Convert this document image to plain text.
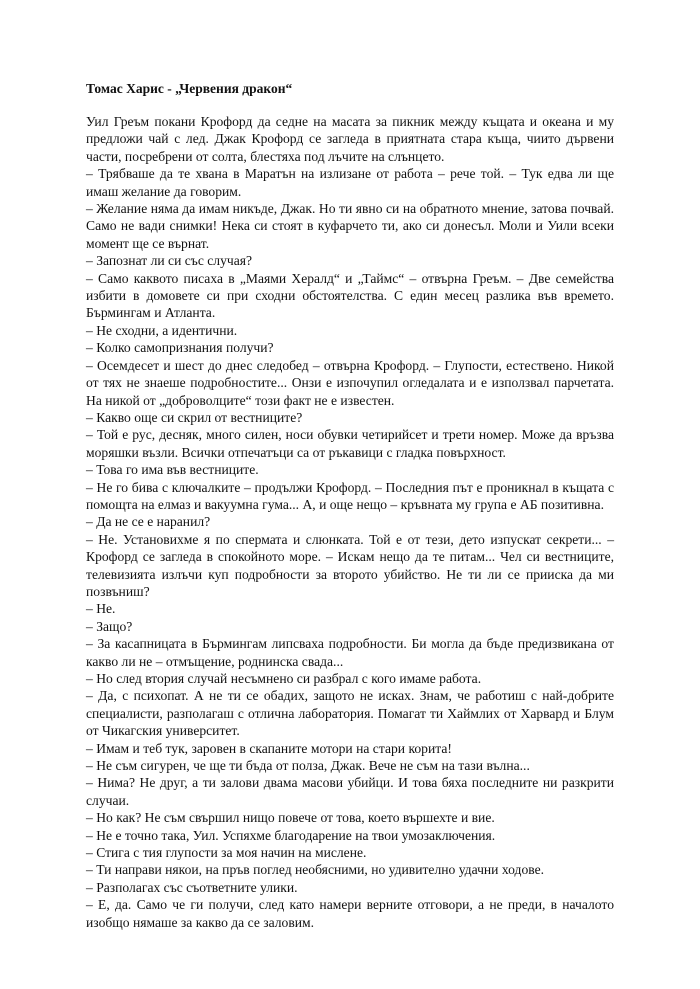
Томас Харис - „Червения дракон“

Уил Греъм покани Крофорд да седне на масата за пикник между къщата и океана и му предложи чай с лед. Джак Крофорд се загледа в приятната стара къща, чиито дървени части, посребрени от солта, блестяха под лъчите на слънцето.

– Трябваше да те хвана в Маратън на излизане от работа – рече той. – Тук едва ли ще имаш желание да говорим.

– Желание няма да имам никъде, Джак. Но ти явно си на обратното мнение, затова почвай. Само не вади снимки! Нека си стоят в куфарчето ти, ако си донесъл. Моли и Уили всеки момент ще се върнат.

– Запознат ли си със случая?

– Само каквото писаха в „Маями Хералд“ и „Таймс“ – отвърна Греъм. – Две семейства избити в домовете си при сходни обстоятелства. С един месец разлика във времето. Бърмингам и Атланта.

– Не сходни, а идентични.

– Колко самопризнания получи?

– Осемдесет и шест до днес следобед – отвърна Крофорд. – Глупости, естествено. Никой от тях не знаеше подробностите... Онзи е изпочупил огледалата и е използвал парчетата. На никой от „доброволците“ този факт не е известен.

– Какво още си скрил от вестниците?

– Той е рус, десняк, много силен, носи обувки четирийсет и трети номер. Може да връзва моряшки възли. Всички отпечатъци са от ръкавици с гладка повърхност.

– Това го има във вестниците.

– Не го бива с ключалките – продължи Крофорд. – Последния път е проникнал в къщата с помощта на елмаз и вакуумна гума... А, и още нещо – кръвната му група е АБ позитивна.

– Да не се е наранил?

– Не. Установихме я по спермата и слюнката. Той е от тези, дето изпускат секрети... – Крофорд се загледа в спокойното море. – Искам нещо да те питам... Чел си вестниците, телевизията излъчи куп подробности за второто убийство. Не ти ли се прииска да ми позвъниш?

– Не.

– Защо?

– За касапницата в Бърмингам липсваха подробности. Би могла да бъде предизвикана от какво ли не – отмъщение, роднинска свада...

– Но след втория случай несъмнено си разбрал с кого имаме работа.

– Да, с психопат. А не ти се обадих, защото не исках. Знам, че работиш с най-добрите специалисти, разполагаш с отлична лаборатория. Помагат ти Хаймлих от Харвард и Блум от Чикагския университет.

– Имам и теб тук, заровен в скапаните мотори на стари корита!

– Не съм сигурен, че ще ти бъда от полза, Джак. Вече не съм на тази вълна...

– Нима? Не друг, а ти залови двама масови убийци. И това бяха последните ни разкрити случаи.

– Но как? Не съм свършил нищо повече от това, което вършехте и вие.

– Не е точно така, Уил. Успяхме благодарение на твои умозаключения.

– Стига с тия глупости за моя начин на мислене.

– Ти направи някои, на пръв поглед необясними, но удивително удачни ходове.

– Разполагах със съответните улики.

– Е, да. Само че ги получи, след като намери верните отговори, а не преди, в началото изобщо нямаше за какво да се заловим.
